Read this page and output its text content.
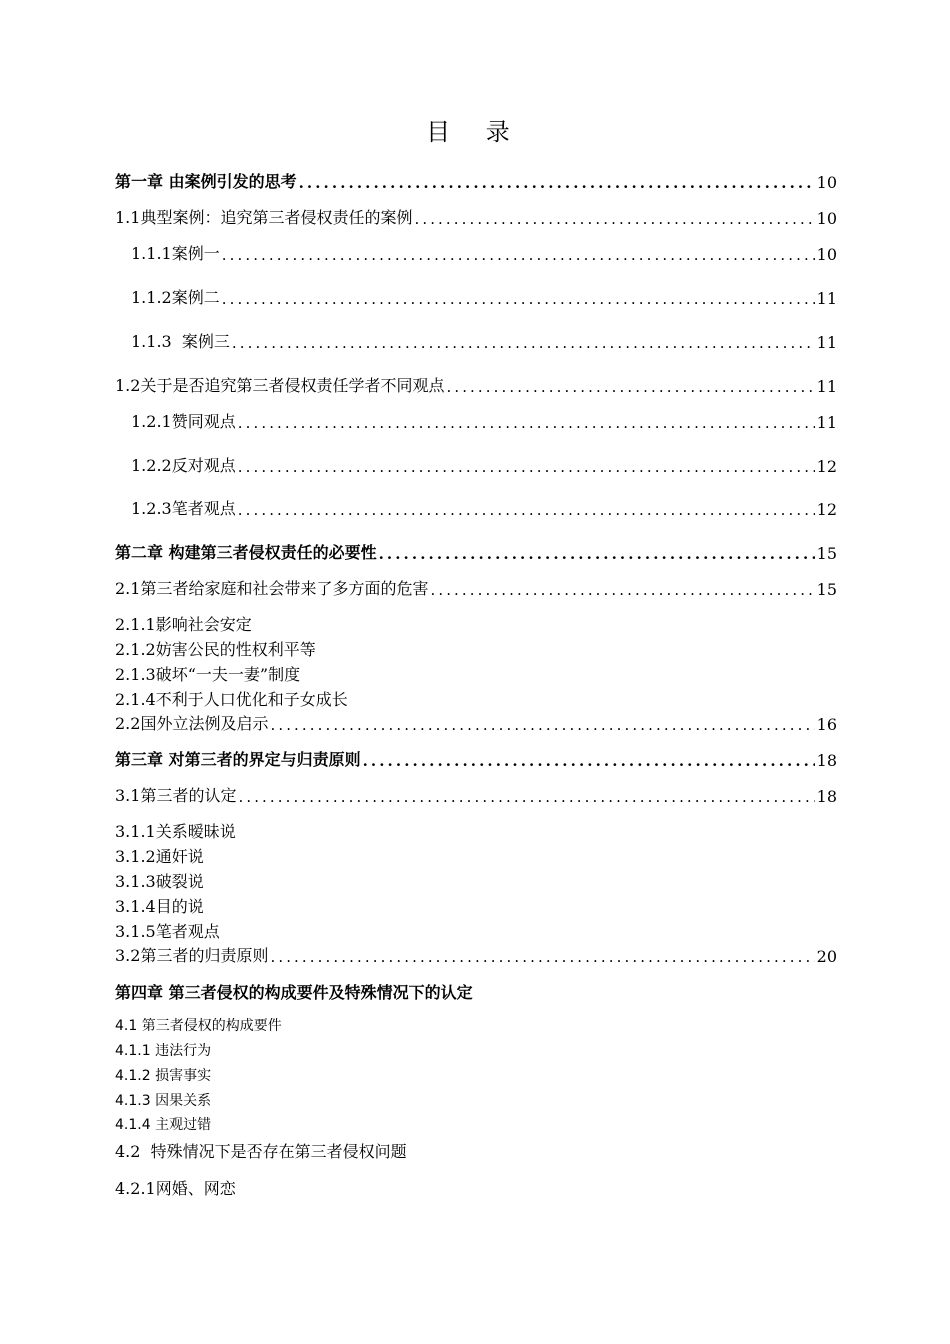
目 录
第一章 由案例引发的思考 .....	10
1.1典型案例：追究第三者侵权责任的案例 .....	10
1.1.1案例一 .....	10
1.1.2案例二 .....	11
1.1.3  案例三 .....	11
1.2关于是否追究第三者侵权责任学者不同观点 .....	11
1.2.1赞同观点 .....	11
1.2.2反对观点 .....	12
1.2.3笔者观点 .....	12
第二章 构建第三者侵权责任的必要性 .....	15
2.1第三者给家庭和社会带来了多方面的危害 .....	15
2.1.1影响社会安定
2.1.2妨害公民的性权利平等
2.1.3破坏“一夫一妻”制度
2.1.4不利于人口优化和子女成长
2.2国外立法例及启示 .....	16
第三章 对第三者的界定与归责原则 .....	18
3.1第三者的认定 .....	18
3.1.1关系暧昧说
3.1.2通奸说
3.1.3破裂说
3.1.4目的说
3.1.5笔者观点
3.2第三者的归责原则 .....	20
第四章 第三者侵权的构成要件及特殊情况下的认定
4.1 第三者侵权的构成要件
4.1.1 违法行为
4.1.2 损害事实
4.1.3 因果关系
4.1.4 主观过错
4.2  特殊情况下是否存在第三者侵权问题
4.2.1网婚、网恋
